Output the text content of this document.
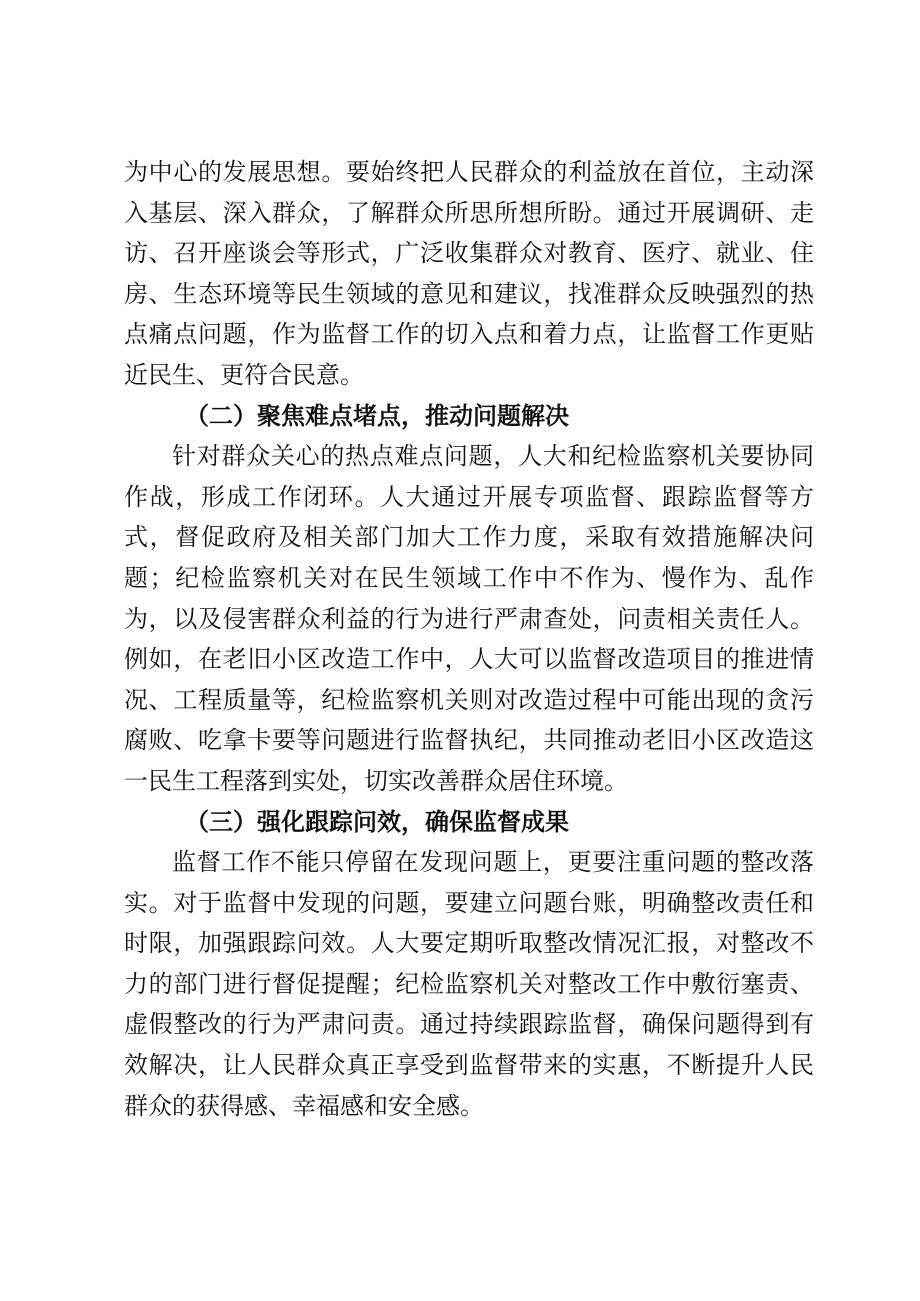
为中心的发展思想。要始终把人民群众的利益放在首位，主动深入基层、深入群众，了解群众所思所想所盼。通过开展调研、走访、召开座谈会等形式，广泛收集群众对教育、医疗、就业、住房、生态环境等民生领域的意见和建议，找准群众反映强烈的热点痛点问题，作为监督工作的切入点和着力点，让监督工作更贴近民生、更符合民意。

（二）聚焦难点堵点，推动问题解决

针对群众关心的热点难点问题，人大和纪检监察机关要协同作战，形成工作闭环。人大通过开展专项监督、跟踪监督等方式，督促政府及相关部门加大工作力度，采取有效措施解决问题；纪检监察机关对在民生领域工作中不作为、慢作为、乱作为，以及侵害群众利益的行为进行严肃查处，问责相关责任人。例如，在老旧小区改造工作中，人大可以监督改造项目的推进情况、工程质量等，纪检监察机关则对改造过程中可能出现的贪污腐败、吃拿卡要等问题进行监督执纪，共同推动老旧小区改造这一民生工程落到实处，切实改善群众居住环境。

（三）强化跟踪问效，确保监督成果

监督工作不能只停留在发现问题上，更要注重问题的整改落实。对于监督中发现的问题，要建立问题台账，明确整改责任和时限，加强跟踪问效。人大要定期听取整改情况汇报，对整改不力的部门进行督促提醒；纪检监察机关对整改工作中敷衍塞责、虚假整改的行为严肃问责。通过持续跟踪监督，确保问题得到有效解决，让人民群众真正享受到监督带来的实惠，不断提升人民群众的获得感、幸福感和安全感。
